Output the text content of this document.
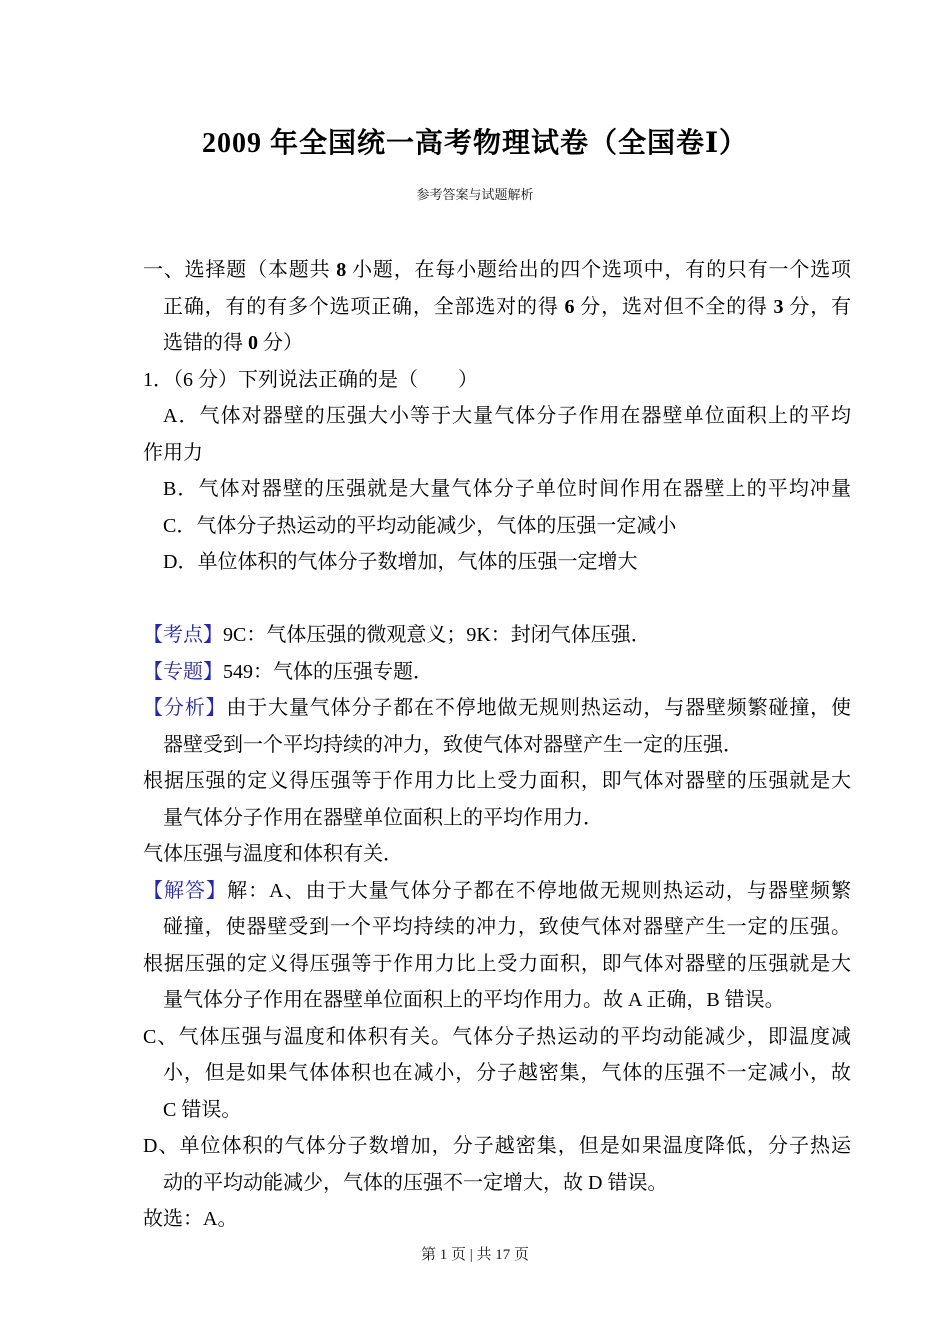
2009 年全国统一高考物理试卷（全国卷Ⅰ）
参考答案与试题解析
一、选择题（本题共 8 小题，在每小题给出的四个选项中，有的只有一个选项
正确，有的有多个选项正确，全部选对的得 6 分，选对但不全的得 3 分，有
选错的得 0 分）
1．（6 分）下列说法正确的是（　　）
A．气体对器壁的压强大小等于大量气体分子作用在器壁单位面积上的平均
作用力
B．气体对器壁的压强就是大量气体分子单位时间作用在器壁上的平均冲量
C．气体分子热运动的平均动能减少，气体的压强一定减小
D．单位体积的气体分子数增加，气体的压强一定增大
【考点】9C：气体压强的微观意义；9K：封闭气体压强．
【专题】549：气体的压强专题．
【分析】由于大量气体分子都在不停地做无规则热运动，与器壁频繁碰撞，使
器壁受到一个平均持续的冲力，致使气体对器壁产生一定的压强．
根据压强的定义得压强等于作用力比上受力面积，即气体对器壁的压强就是大
量气体分子作用在器壁单位面积上的平均作用力．
气体压强与温度和体积有关．
【解答】解：A、由于大量气体分子都在不停地做无规则热运动，与器壁频繁
碰撞，使器壁受到一个平均持续的冲力，致使气体对器壁产生一定的压强。
根据压强的定义得压强等于作用力比上受力面积，即气体对器壁的压强就是大
量气体分子作用在器壁单位面积上的平均作用力。故 A 正确，B 错误。
C、气体压强与温度和体积有关。气体分子热运动的平均动能减少，即温度减
小，但是如果气体体积也在减小，分子越密集，气体的压强不一定减小，故
C 错误。
D、单位体积的气体分子数增加，分子越密集，但是如果温度降低，分子热运
动的平均动能减少，气体的压强不一定增大，故 D 错误。
故选：A。
第 1 页 | 共 17 页
